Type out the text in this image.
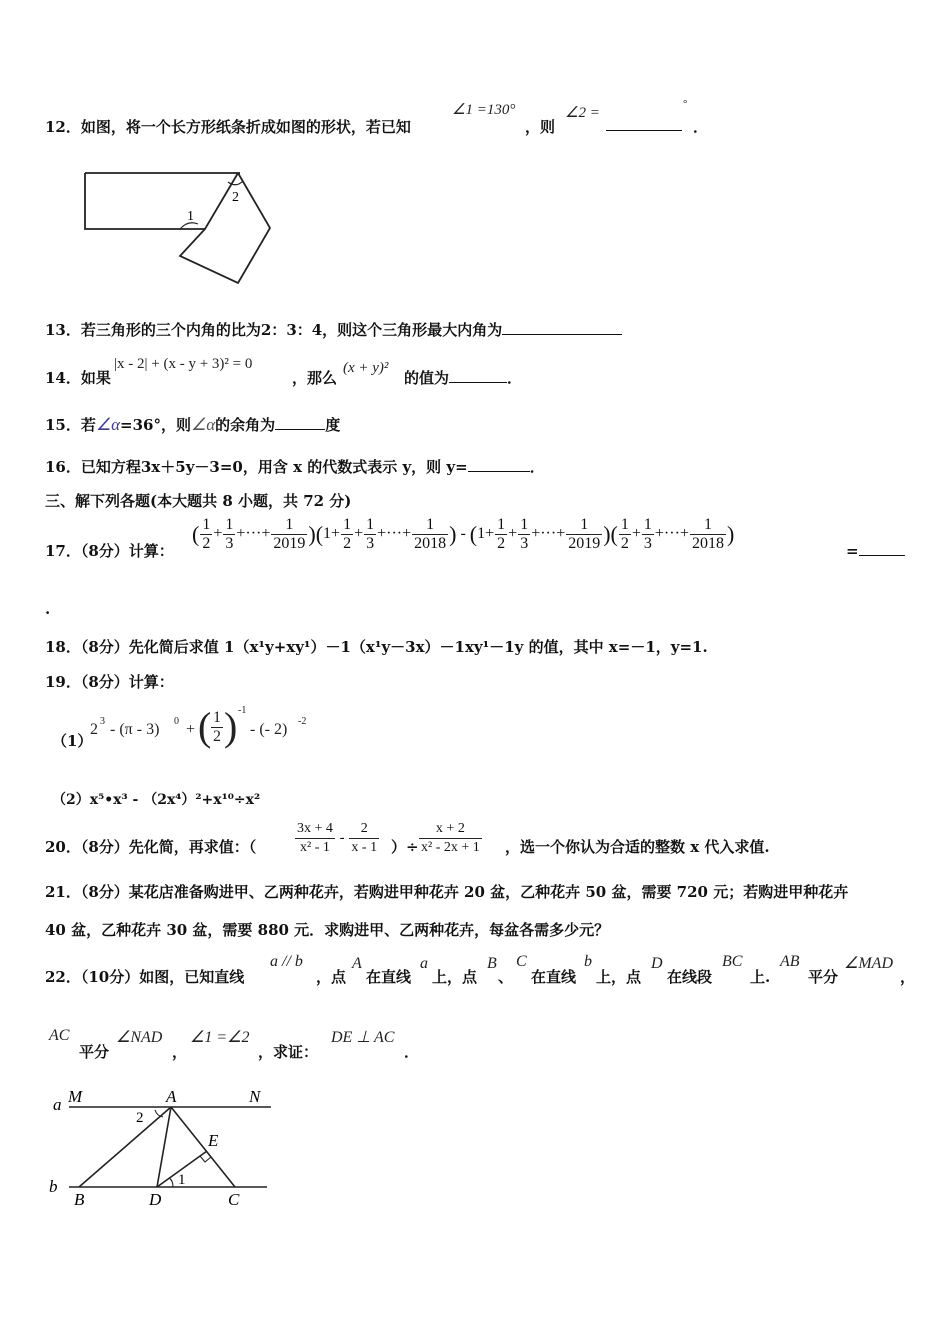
12．如图，将一个长方形纸条折成如图的形状，若已知
∠1 =130°
，则
∠2 =
°
．
1
2
13．若三角形的三个内角的比为2：3：4，则这个三角形最大内角为
14．如果
|x - 2| + (x - y + 3)² = 0
，那么
(x + y)²
的值为	．
15．若∠α=36°，则∠α的余角为	度
16．已知方程3x＋5y－3=0，用含 x 的代数式表示 y，则 y=	．
三、解下列各题(本大题共 8 小题，共 72 分)
17．（8分）计算：
( $\frac{1}{2} + \frac{1}{3}$ +···+ $\frac{1}{2019} )(1+ \frac{1}{2} + \frac{1}{3}$ +···+ $\frac{1}{2018}$ ) - ($1+ \frac{1}{2} + \frac{1}{3}$ +···+ $\frac{1}{2019}$ )( $\frac{1}{2} + \frac{1}{3}$ +···+ $\frac{1}{2018}$ )
=
.
18．（8分）先化简后求值 1（x¹y+xy¹）－1（x¹y－3x）－1xy¹－1y 的值，其中 x=－1，y=1.
19．（8分）计算：
（1）
2 3 - (π - 3) 0 + ( $\frac{1}{2}$ ) -1
- (- 2) -2
（2）x⁵•x³ - （2x⁴）²+x¹⁰÷x²
20．（8分）先化简，再求值：（	$\frac{3x + 4}{\text{x² - 1}} - \frac{2}{x - 1}$ ）÷ $\frac{x + 2}{\text{x² - 2x + 1}}$ ，选一个你认为合适的整数 x 代入求值.
21．（8分）某花店准备购进甲、乙两种花卉，若购进甲种花卉 20 盆，乙种花卉 50 盆，需要 720 元；若购进甲种花卉
40 盆，乙种花卉 30 盆，需要 880 元．求购进甲、乙两种花卉，每盆各需多少元？
22．（10分）如图，已知直线
a // b
，点
A
在直线
a
上，点
B
、
C
在直线
b
上，点
D
在线段
BC
上.
AB
平分
∠MAD
，
AC
平分
∠NAD
，
∠1 =∠2
，求证：
DE ⊥ AC
．
a M	A	N
2
E
1
b
B	D	C
